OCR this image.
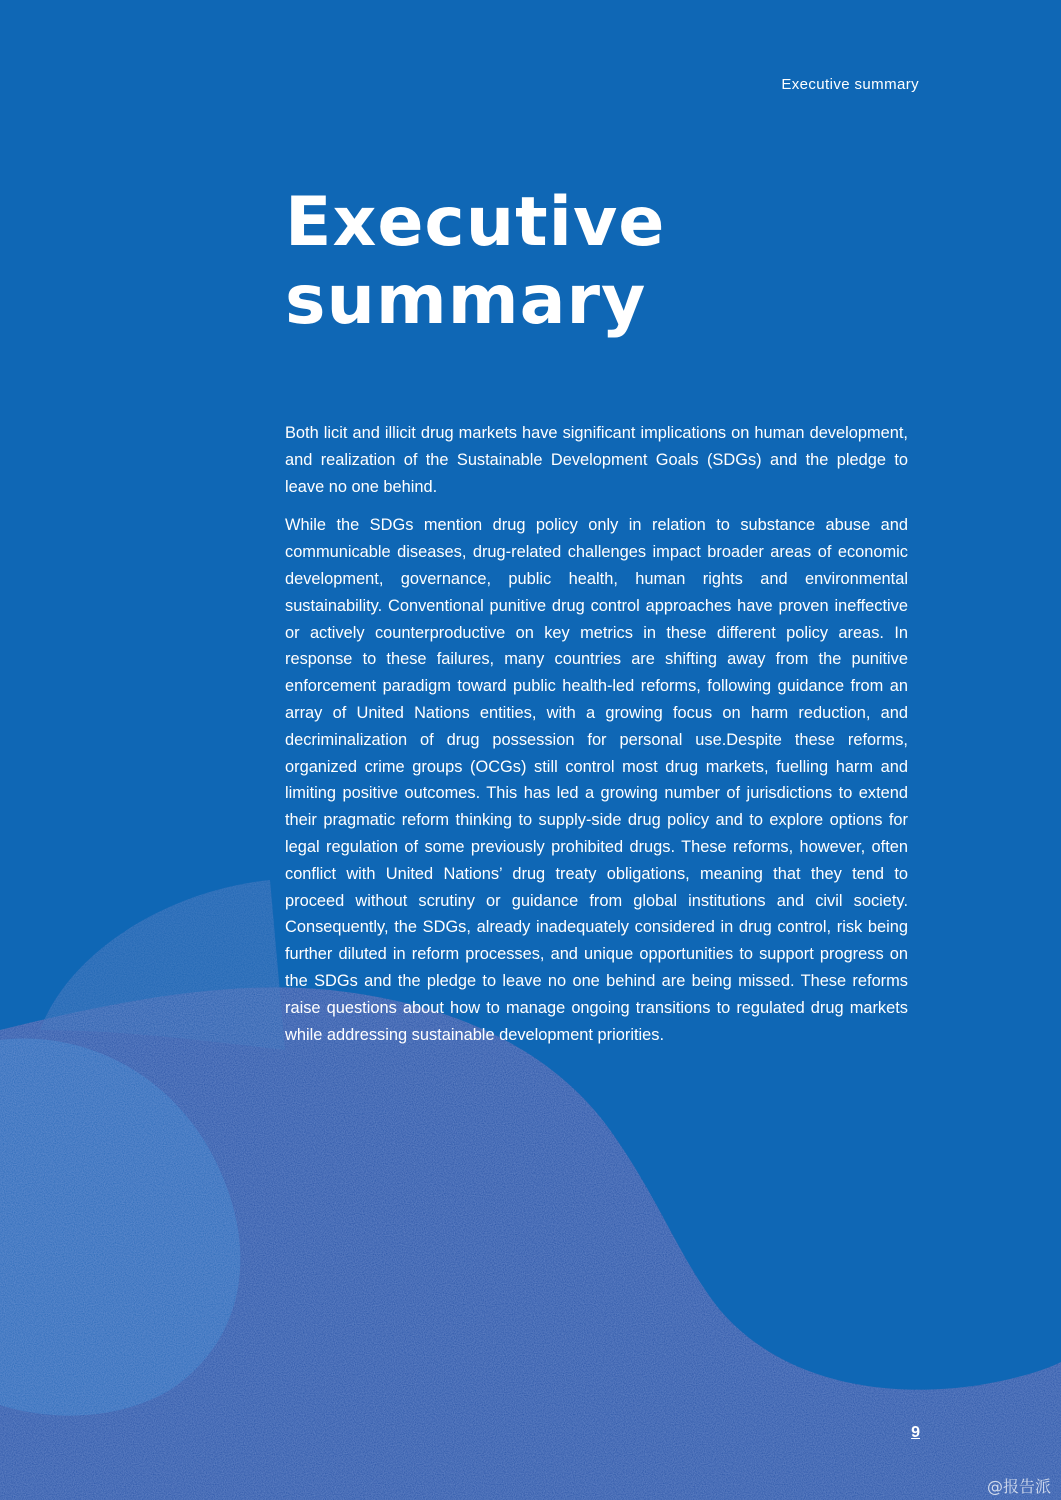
Executive summary
Executive
summary

Both licit and illicit drug markets have significant implications on human development, and realization of the Sustainable Development Goals (SDGs) and the pledge to leave no one behind.

While the SDGs mention drug policy only in relation to substance abuse and communicable diseases, drug-related challenges impact broader areas of economic development, governance, public health, human rights and environmental sustainability. Conventional punitive drug control approaches have proven ineffective or actively counterproductive on key metrics in these different policy areas. In response to these failures, many countries are shifting away from the punitive enforcement paradigm toward public health-led reforms, following guidance from an array of United Nations entities, with a growing focus on harm reduction, and decriminalization of drug possession for personal use.Despite these reforms, organized crime groups (OCGs) still control most drug markets, fuelling harm and limiting positive outcomes. This has led a growing number of jurisdictions to extend their pragmatic reform thinking to supply-side drug policy and to explore options for legal regulation of some previously prohibited drugs. These reforms, however, often conflict with United Nations’ drug treaty obligations, meaning that they tend to proceed without scrutiny or guidance from global institutions and civil society. Consequently, the SDGs, already inadequately considered in drug control, risk being further diluted in reform processes, and unique opportunities to support progress on the SDGs and the pledge to leave no one behind are being missed. These reforms raise questions about how to manage ongoing transitions to regulated drug markets while addressing sustainable development priorities.

9
@报告派
